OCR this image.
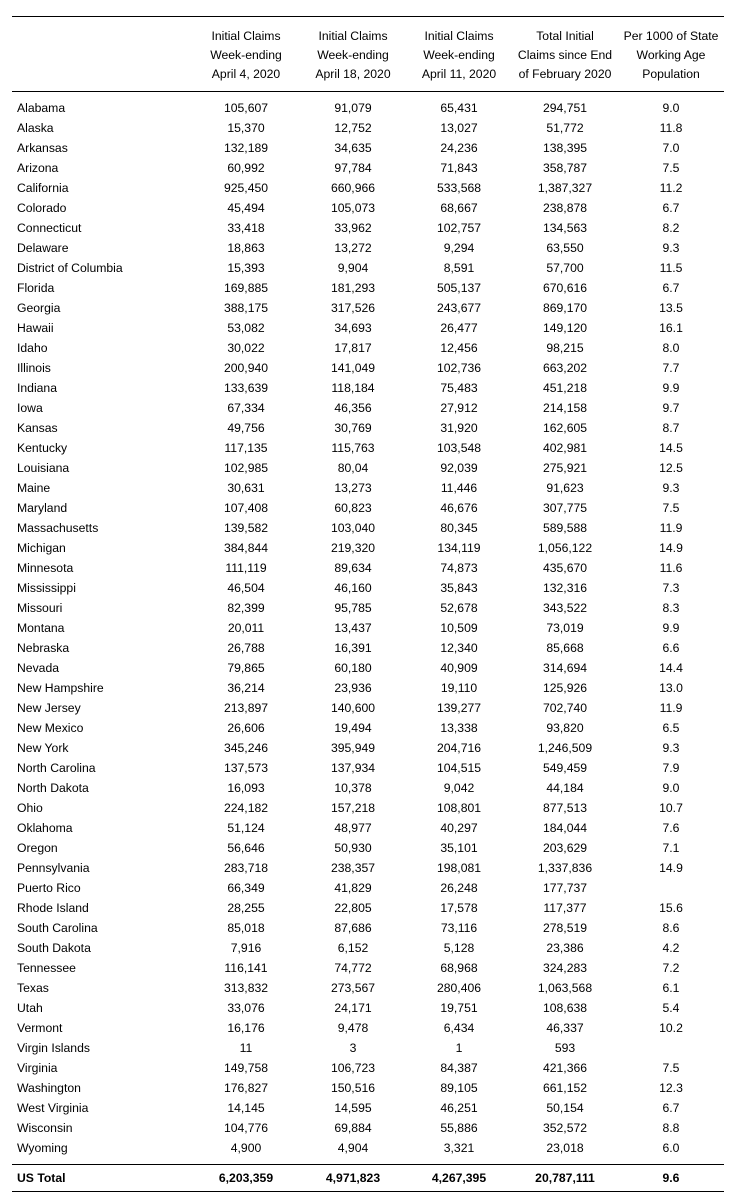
	Initial Claims
Week-ending
April 4, 2020	Initial Claims
Week-ending
April 18, 2020	Initial Claims
Week-ending
April 11, 2020	Total Initial
Claims since End
of February 2020	Per 1000 of State
Working Age
Population

Alabama	105,607	91,079	65,431	294,751	9.0
Alaska	15,370	12,752	13,027	51,772	11.8
Arkansas	132,189	34,635	24,236	138,395	7.0
Arizona	60,992	97,784	71,843	358,787	7.5
California	925,450	660,966	533,568	1,387,327	11.2
Colorado	45,494	105,073	68,667	238,878	6.7
Connecticut	33,418	33,962	102,757	134,563	8.2
Delaware	18,863	13,272	9,294	63,550	9.3
District of Columbia	15,393	9,904	8,591	57,700	11.5
Florida	169,885	181,293	505,137	670,616	6.7
Georgia	388,175	317,526	243,677	869,170	13.5
Hawaii	53,082	34,693	26,477	149,120	16.1
Idaho	30,022	17,817	12,456	98,215	8.0
Illinois	200,940	141,049	102,736	663,202	7.7
Indiana	133,639	118,184	75,483	451,218	9.9
Iowa	67,334	46,356	27,912	214,158	9.7
Kansas	49,756	30,769	31,920	162,605	8.7
Kentucky	117,135	115,763	103,548	402,981	14.5
Louisiana	102,985	80,04	92,039	275,921	12.5
Maine	30,631	13,273	11,446	91,623	9.3
Maryland	107,408	60,823	46,676	307,775	7.5
Massachusetts	139,582	103,040	80,345	589,588	11.9
Michigan	384,844	219,320	134,119	1,056,122	14.9
Minnesota	111,119	89,634	74,873	435,670	11.6
Mississippi	46,504	46,160	35,843	132,316	7.3
Missouri	82,399	95,785	52,678	343,522	8.3
Montana	20,011	13,437	10,509	73,019	9.9
Nebraska	26,788	16,391	12,340	85,668	6.6
Nevada	79,865	60,180	40,909	314,694	14.4
New Hampshire	36,214	23,936	19,110	125,926	13.0
New Jersey	213,897	140,600	139,277	702,740	11.9
New Mexico	26,606	19,494	13,338	93,820	6.5
New York	345,246	395,949	204,716	1,246,509	9.3
North Carolina	137,573	137,934	104,515	549,459	7.9
North Dakota	16,093	10,378	9,042	44,184	9.0
Ohio	224,182	157,218	108,801	877,513	10.7
Oklahoma	51,124	48,977	40,297	184,044	7.6
Oregon	56,646	50,930	35,101	203,629	7.1
Pennsylvania	283,718	238,357	198,081	1,337,836	14.9
Puerto Rico	66,349	41,829	26,248	177,737	
Rhode Island	28,255	22,805	17,578	117,377	15.6
South Carolina	85,018	87,686	73,116	278,519	8.6
South Dakota	7,916	6,152	5,128	23,386	4.2
Tennessee	116,141	74,772	68,968	324,283	7.2
Texas	313,832	273,567	280,406	1,063,568	6.1
Utah	33,076	24,171	19,751	108,638	5.4
Vermont	16,176	9,478	6,434	46,337	10.2
Virgin Islands	11	3	1	593	
Virginia	149,758	106,723	84,387	421,366	7.5
Washington	176,827	150,516	89,105	661,152	12.3
West Virginia	14,145	14,595	46,251	50,154	6.7
Wisconsin	104,776	69,884	55,886	352,572	8.8
Wyoming	4,900	4,904	3,321	23,018	6.0

US Total	6,203,359	4,971,823	4,267,395	20,787,111	9.6
